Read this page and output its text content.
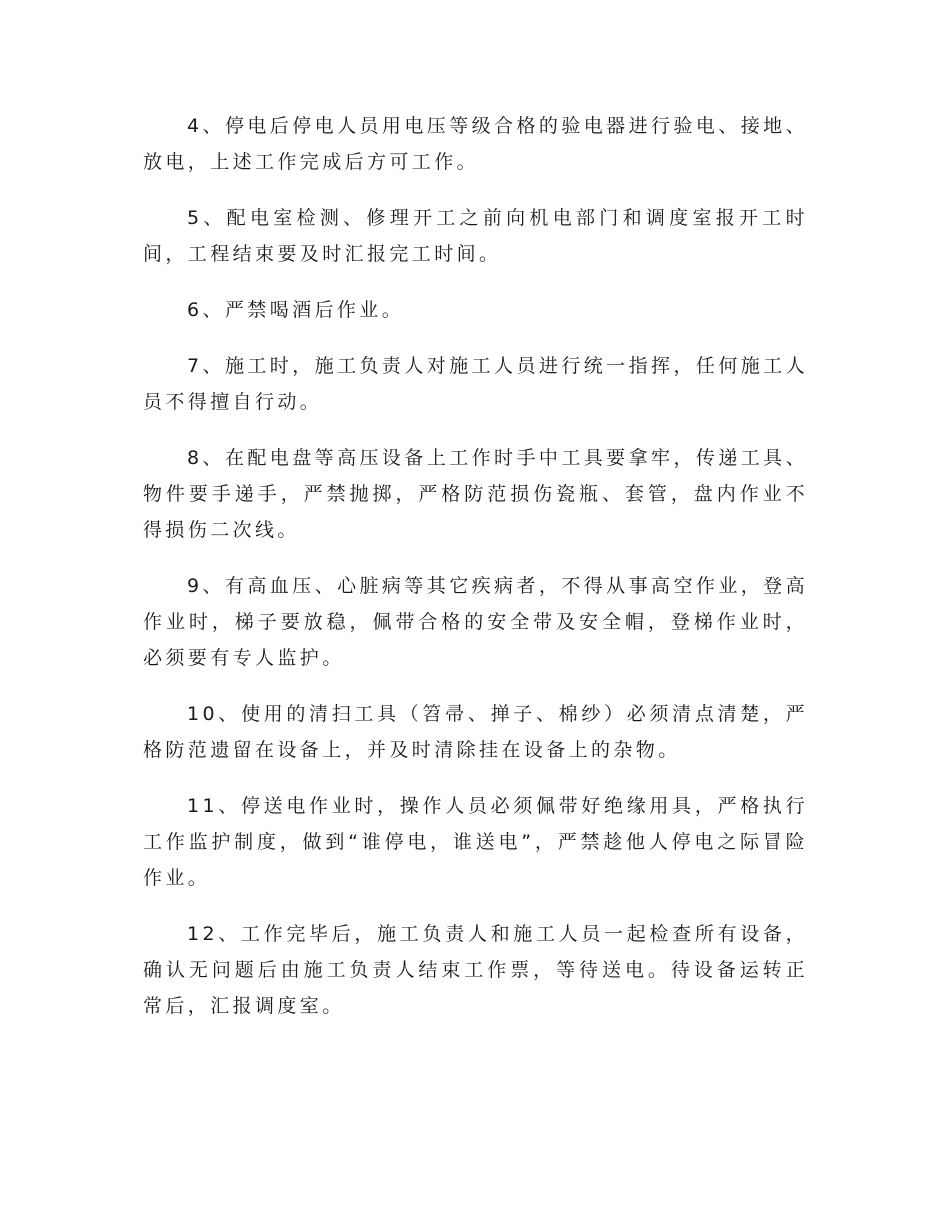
4、停电后停电人员用电压等级合格的验电器进行验电、接地、放电，上述工作完成后方可工作。

5、配电室检测、修理开工之前向机电部门和调度室报开工时间，工程结束要及时汇报完工时间。

6、严禁喝酒后作业。

7、施工时，施工负责人对施工人员进行统一指挥，任何施工人员不得擅自行动。

8、在配电盘等高压设备上工作时手中工具要拿牢，传递工具、物件要手递手，严禁抛掷，严格防范损伤瓷瓶、套管，盘内作业不得损伤二次线。

9、有高血压、心脏病等其它疾病者，不得从事高空作业，登高作业时，梯子要放稳，佩带合格的安全带及安全帽，登梯作业时，必须要有专人监护。

10、使用的清扫工具（笤帚、掸子、棉纱）必须清点清楚，严格防范遗留在设备上，并及时清除挂在设备上的杂物。

11、停送电作业时，操作人员必须佩带好绝缘用具，严格执行工作监护制度，做到“谁停电，谁送电”，严禁趁他人停电之际冒险作业。

12、工作完毕后，施工负责人和施工人员一起检查所有设备，确认无问题后由施工负责人结束工作票，等待送电。待设备运转正常后，汇报调度室。
